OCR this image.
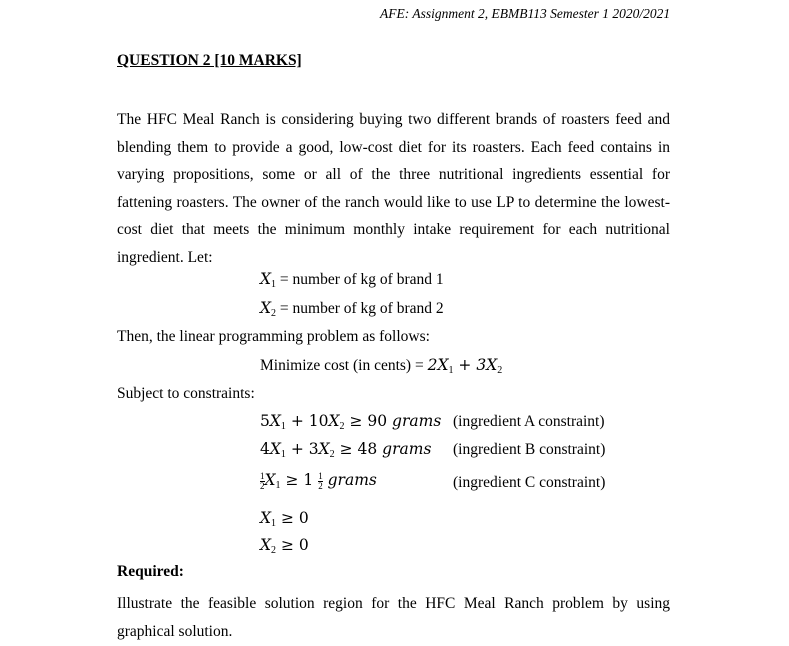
AFE: Assignment 2, EBMB113 Semester 1 2020/2021
QUESTION 2 [10 MARKS]

The HFC Meal Ranch is considering buying two different brands of roasters feed and blending them to provide a good, low-cost diet for its roasters. Each feed contains in varying propositions, some or all of the three nutritional ingredients essential for fattening roasters. The owner of the ranch would like to use LP to determine the lowest-cost diet that meets the minimum monthly intake requirement for each nutritional ingredient. Let:

$X_1$ = number of kg of brand 1
$X_2$ = number of kg of brand 2
Then, the linear programming problem as follows:
Minimize cost (in cents) = $2X_1 + 3X_2$
Subject to constraints:
$5X_1 + 10X_2 \ge 90$ grams (ingredient A constraint)
$4X_1 + 3X_2 \ge 48$ grams (ingredient B constraint)
$\frac{1}{2} X_1 \ge 1 \frac{1}{2}$ grams	(ingredient C constraint)
$X_1 \ge 0$
$X_2 \ge 0$
Required:
Illustrate the feasible solution region for the HFC Meal Ranch problem by using graphical solution.
